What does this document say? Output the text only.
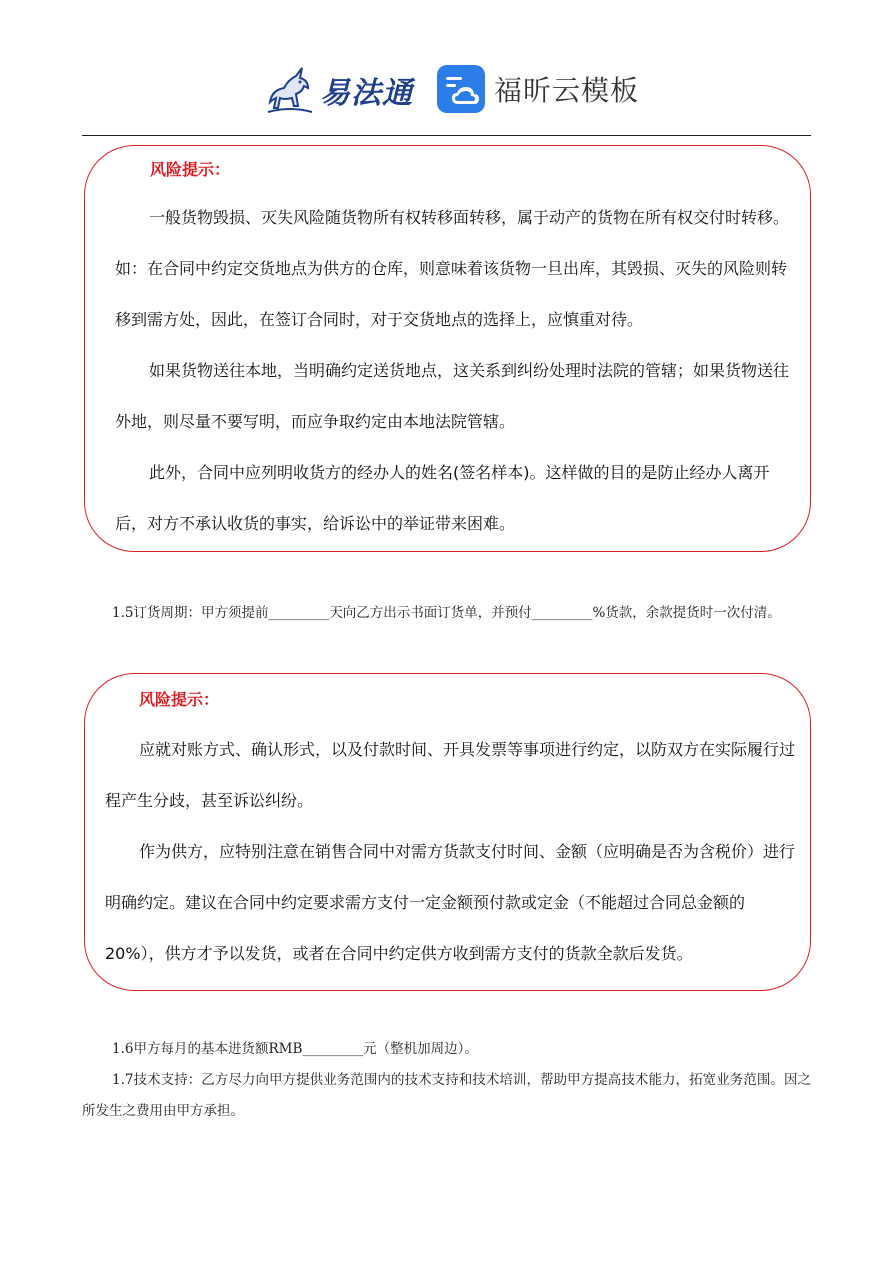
易法通	福昕云模板
风险提示：

一般货物毁损、灭失风险随货物所有权转移面转移，属于动产的货物在所有权交付时转移。如：在合同中约定交货地点为供方的仓库，则意味着该货物一旦出库，其毁损、灭失的风险则转移到需方处，因此，在签订合同时，对于交货地点的选择上，应慎重对待。

如果货物送往本地，当明确约定送货地点，这关系到纠纷处理时法院的管辖；如果货物送往外地，则尽量不要写明，而应争取约定由本地法院管辖。

此外，合同中应列明收货方的经办人的姓名(签名样本)。这样做的目的是防止经办人离开后，对方不承认收货的事实，给诉讼中的举证带来困难。

1.5订货周期：甲方须提前_________天向乙方出示书面订货单，并预付_________%货款，余款提货时一次付清。

风险提示：

应就对账方式、确认形式，以及付款时间、开具发票等事项进行约定，以防双方在实际履行过程产生分歧，甚至诉讼纠纷。

作为供方，应特别注意在销售合同中对需方货款支付时间、金额（应明确是否为含税价）进行明确约定。建议在合同中约定要求需方支付一定金额预付款或定金（不能超过合同总金额的20%），供方才予以发货，或者在合同中约定供方收到需方支付的货款全款后发货。

1.6甲方每月的基本进货额RMB_________元（整机加周边）。

1.7技术支持：乙方尽力向甲方提供业务范围内的技术支持和技术培训，帮助甲方提高技术能力，拓宽业务范围。因之所发生之费用由甲方承担。
